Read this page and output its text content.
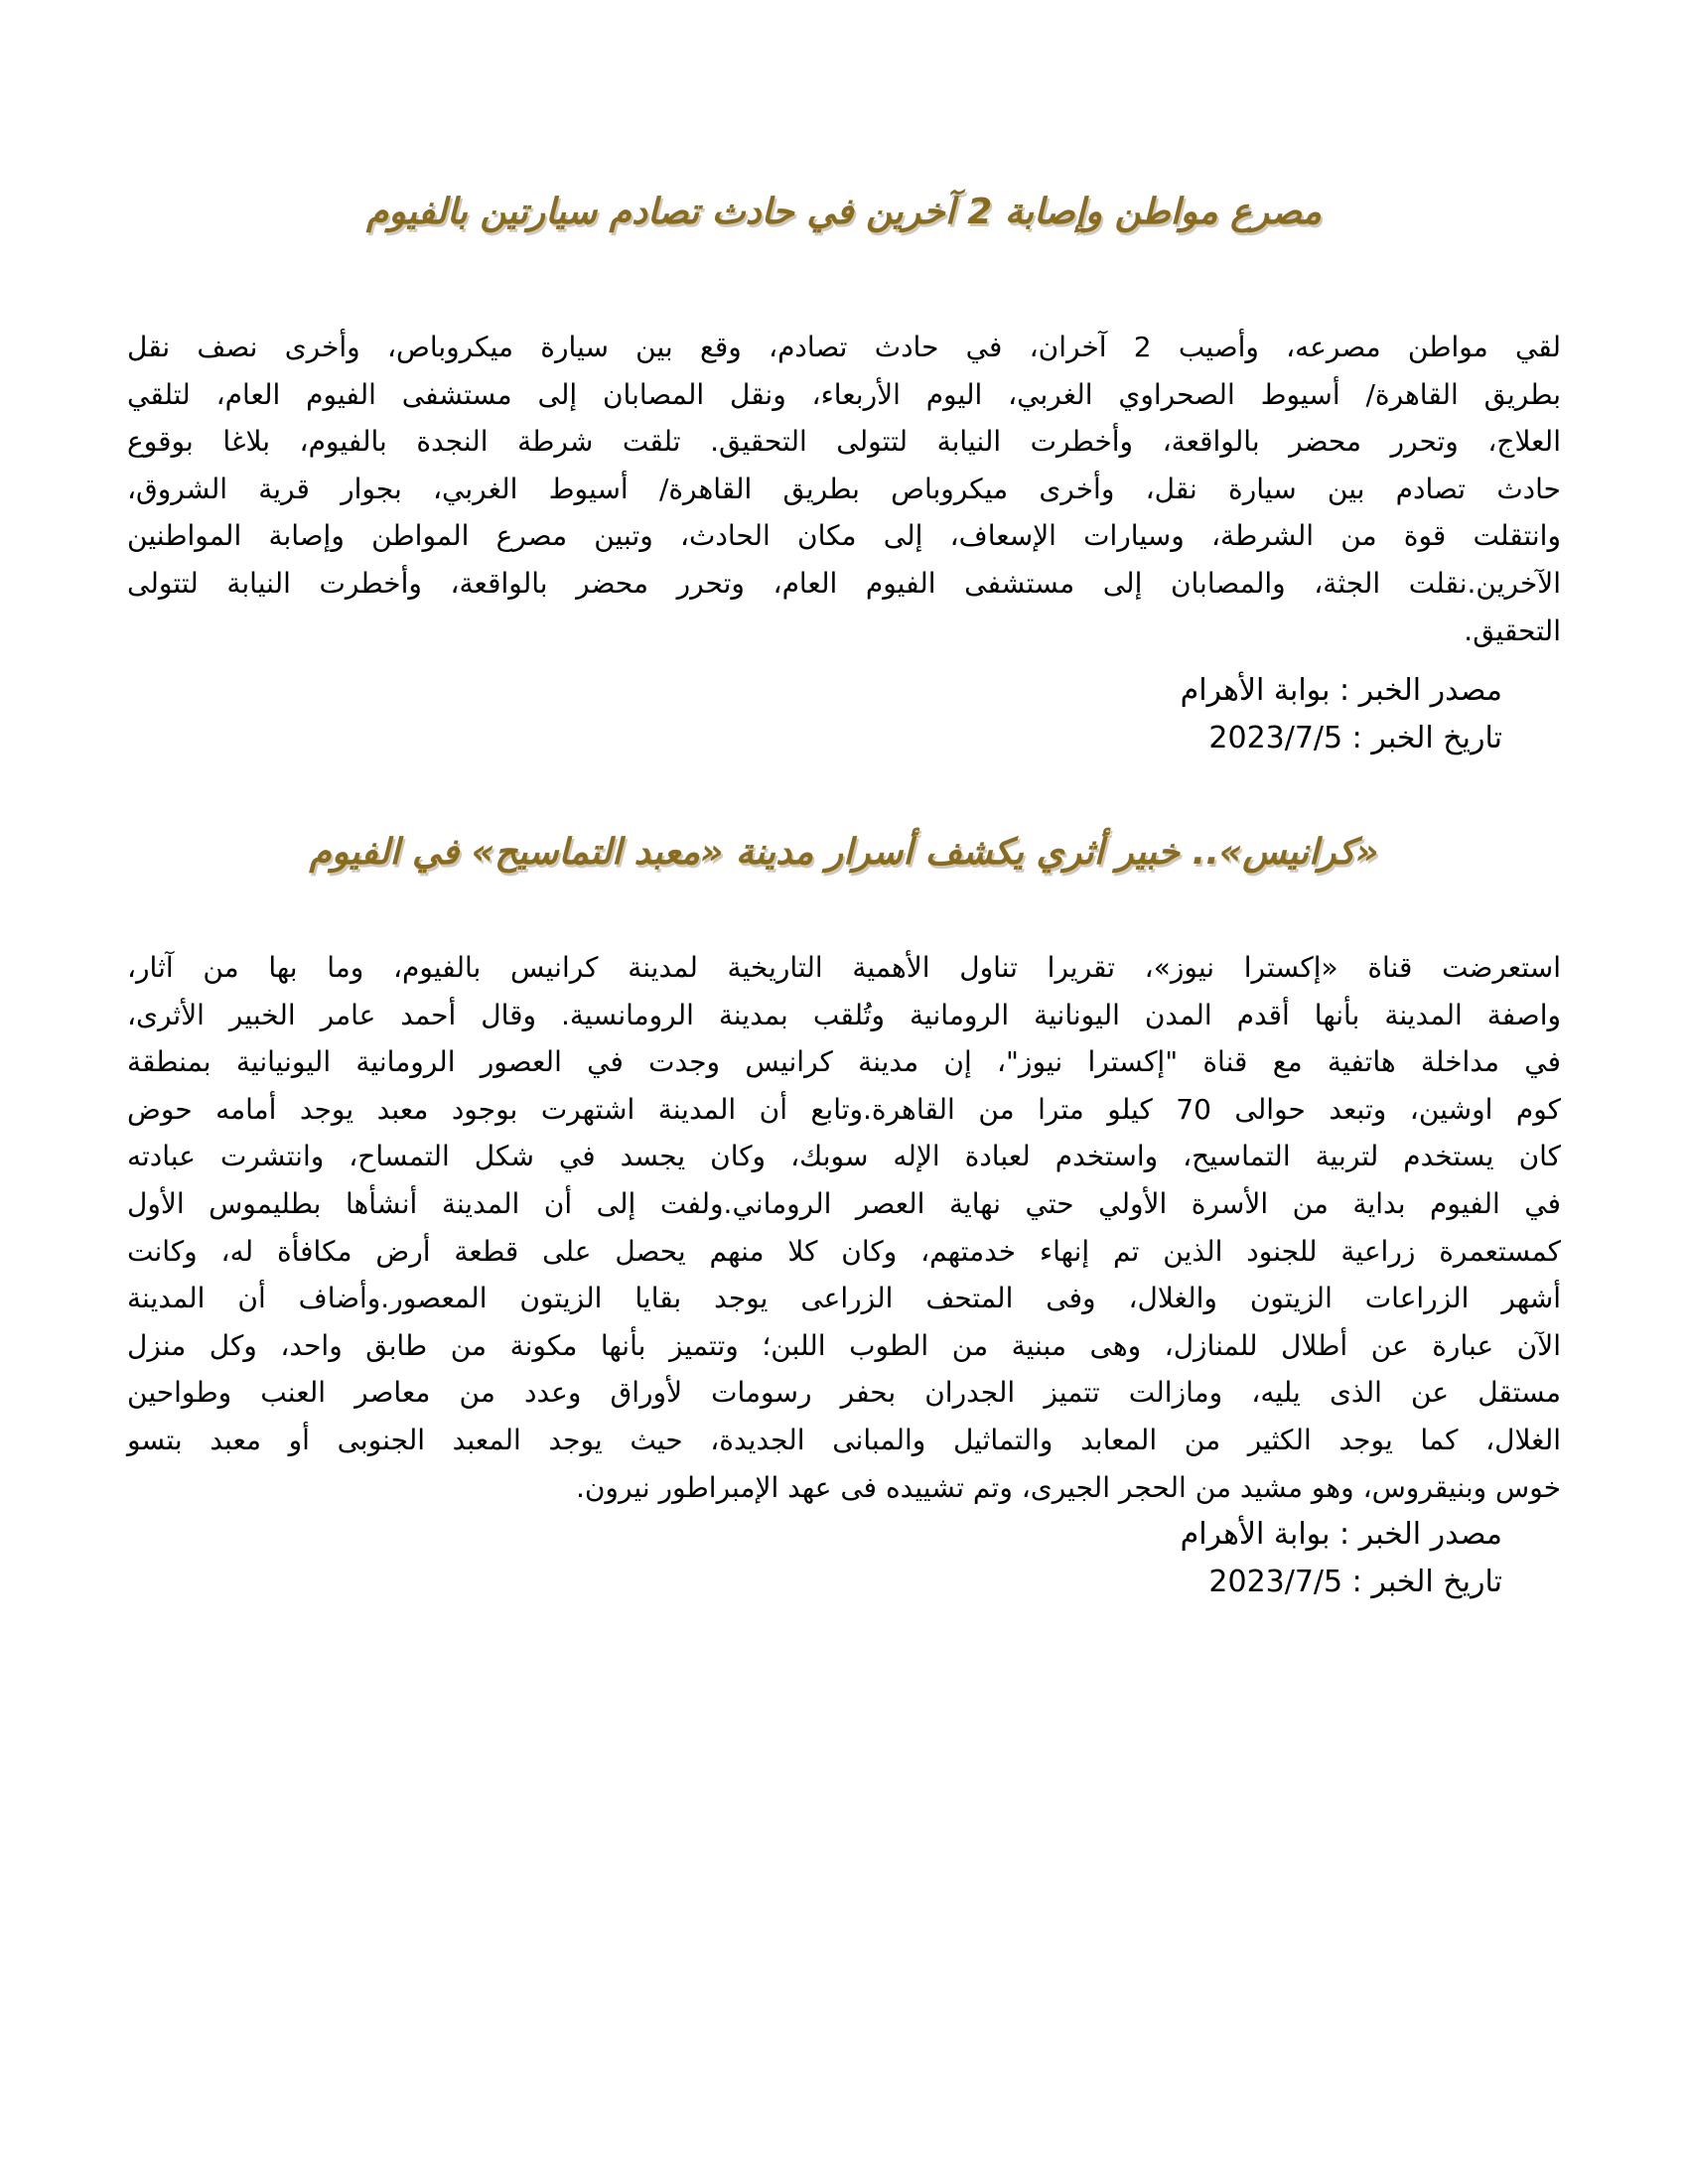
مصرع مواطن وإصابة 2 آخرين في حادث تصادم سيارتين بالفيوم
لقي مواطن مصرعه، وأصيب 2 آخران، في حادث تصادم، وقع بين سيارة ميكروباص، وأخرى نصف نقل
بطريق القاهرة/ أسيوط الصحراوي الغربي، اليوم الأربعاء، ونقل المصابان إلى مستشفى الفيوم العام، لتلقي
العلاج، وتحرر محضر بالواقعة، وأخطرت النيابة لتتولى التحقيق. تلقت شرطة النجدة بالفيوم، بلاغا بوقوع
حادث تصادم بين سيارة نقل، وأخرى ميكروباص بطريق القاهرة/ أسيوط الغربي، بجوار قرية الشروق،
وانتقلت قوة من الشرطة، وسيارات الإسعاف، إلى مكان الحادث، وتبين مصرع المواطن وإصابة المواطنين
الآخرين.نقلت الجثة، والمصابان إلى مستشفى الفيوم العام، وتحرر محضر بالواقعة، وأخطرت النيابة لتتولى
التحقيق.
مصدر الخبر : بوابة الأهرام
تاريخ الخبر : 2023/7/5
«كرانيس».. خبير أثري يكشف أسرار مدينة «معبد التماسيح» في الفيوم
استعرضت قناة «إكسترا نيوز»، تقريرا تناول الأهمية التاريخية لمدينة كرانيس بالفيوم، وما بها من آثار،
واصفة المدينة بأنها أقدم المدن اليونانية الرومانية وتُلقب بمدينة الرومانسية. وقال أحمد عامر الخبير الأثرى،
في مداخلة هاتفية مع قناة "إكسترا نيوز"، إن مدينة كرانيس وجدت في العصور الرومانية اليونيانية بمنطقة
كوم اوشين، وتبعد حوالى 70 كيلو مترا من القاهرة.وتابع أن المدينة اشتهرت بوجود معبد يوجد أمامه حوض
كان يستخدم لتربية التماسيح، واستخدم لعبادة الإله سوبك، وكان يجسد في شكل التمساح، وانتشرت عبادته
في الفيوم بداية من الأسرة الأولي حتي نهاية العصر الروماني.ولفت إلى أن المدينة أنشأها بطليموس الأول
كمستعمرة زراعية للجنود الذين تم إنهاء خدمتهم، وكان كلا منهم يحصل على قطعة أرض مكافأة له، وكانت
أشهر الزراعات الزيتون والغلال، وفى المتحف الزراعى يوجد بقايا الزيتون المعصور.وأضاف أن المدينة
الآن عبارة عن أطلال للمنازل، وهى مبنية من الطوب اللبن؛ وتتميز بأنها مكونة من طابق واحد، وكل منزل
مستقل عن الذى يليه، ومازالت تتميز الجدران بحفر رسومات لأوراق وعدد من معاصر العنب وطواحين
الغلال، كما يوجد الكثير من المعابد والتماثيل والمبانى الجديدة، حيث يوجد المعبد الجنوبى أو معبد بتسو
خوس وبنيقروس، وهو مشيد من الحجر الجيرى، وتم تشييده فى عهد الإمبراطور نيرون.
مصدر الخبر : بوابة الأهرام
تاريخ الخبر : 2023/7/5
